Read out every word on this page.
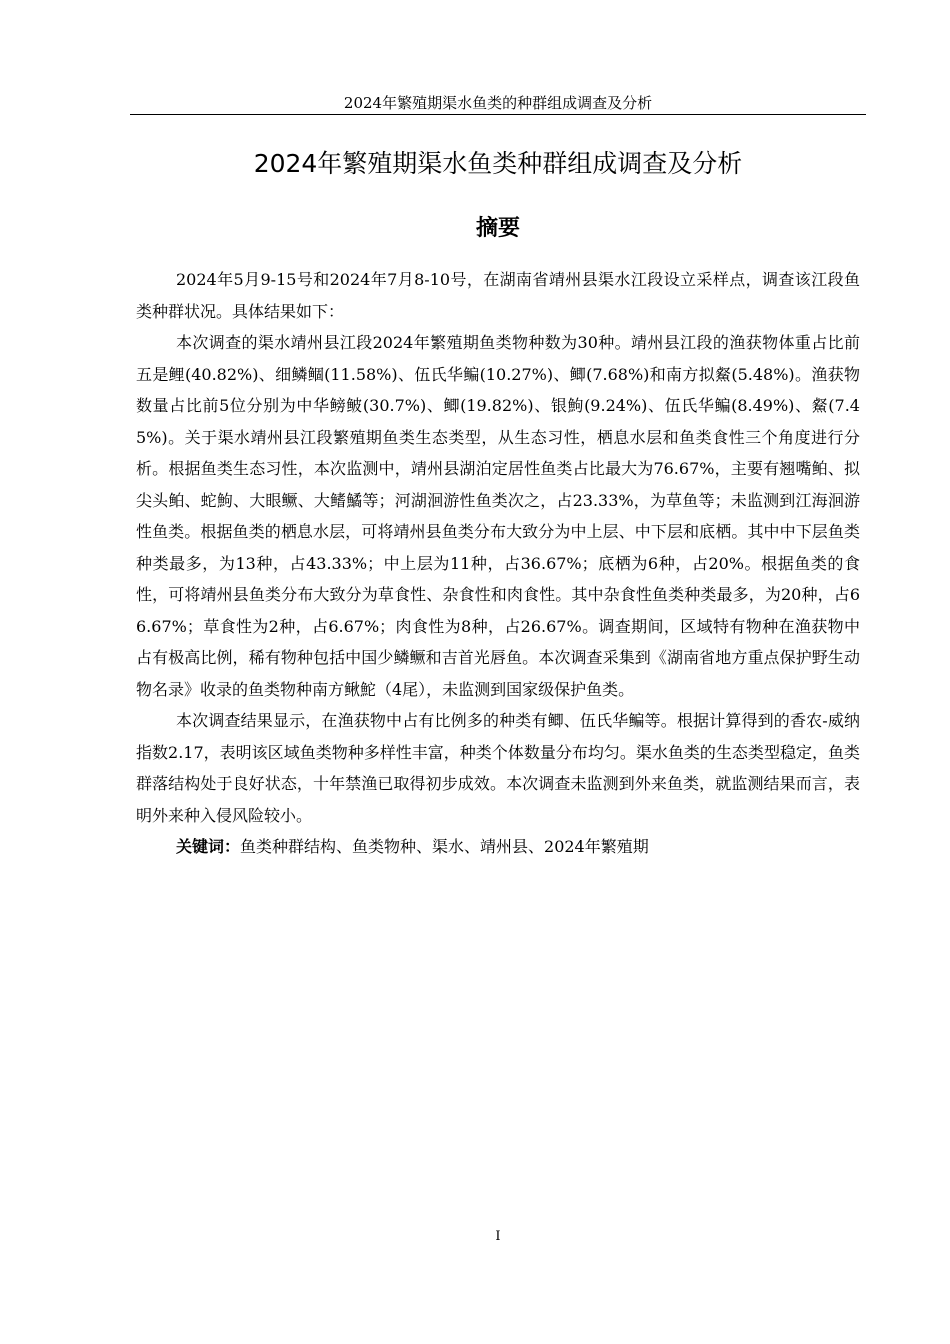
2024年繁殖期渠水鱼类的种群组成调查及分析
2024年繁殖期渠水鱼类种群组成调查及分析
摘要

2024年5月9-15号和2024年7月8-10号，在湖南省靖州县渠水江段设立采样点，调查该江段鱼类种群状况。具体结果如下：

本次调查的渠水靖州县江段2024年繁殖期鱼类物种数为30种。靖州县江段的渔获物体重占比前五是鲤(40.82%)、细鳞鲴(11.58%)、伍氏华鳊(10.27%)、鲫(7.68%)和南方拟䱗(5.48%)。渔获物数量占比前5位分别为中华鳑鲏(30.7%)、鲫(19.82%)、银鮈(9.24%)、伍氏华鳊(8.49%)、䱗(7.45%)。关于渠水靖州县江段繁殖期鱼类生态类型，从生态习性，栖息水层和鱼类食性三个角度进行分析。根据鱼类生态习性，本次监测中，靖州县湖泊定居性鱼类占比最大为76.67%，主要有翘嘴鲌、拟尖头鲌、蛇鮈、大眼鳜、大鳍鱊等；河湖洄游性鱼类次之，占23.33%，为草鱼等；未监测到江海洄游性鱼类。根据鱼类的栖息水层，可将靖州县鱼类分布大致分为中上层、中下层和底栖。其中中下层鱼类种类最多，为13种，占43.33%；中上层为11种，占36.67%；底栖为6种，占20%。根据鱼类的食性，可将靖州县鱼类分布大致分为草食性、杂食性和肉食性。其中杂食性鱼类种类最多，为20种，占66.67%；草食性为2种，占6.67%；肉食性为8种，占26.67%。调查期间，区域特有物种在渔获物中占有极高比例，稀有物种包括中国少鳞鳜和吉首光唇鱼。本次调查采集到《湖南省地方重点保护野生动物名录》收录的鱼类物种南方鳅鮀（4尾），未监测到国家级保护鱼类。

本次调查结果显示，在渔获物中占有比例多的种类有鲫、伍氏华鳊等。根据计算得到的香农-威纳指数2.17，表明该区域鱼类物种多样性丰富，种类个体数量分布均匀。渠水鱼类的生态类型稳定，鱼类群落结构处于良好状态，十年禁渔已取得初步成效。本次调查未监测到外来鱼类，就监测结果而言，表明外来种入侵风险较小。

关键词：鱼类种群结构、鱼类物种、渠水、靖州县、2024年繁殖期

I
